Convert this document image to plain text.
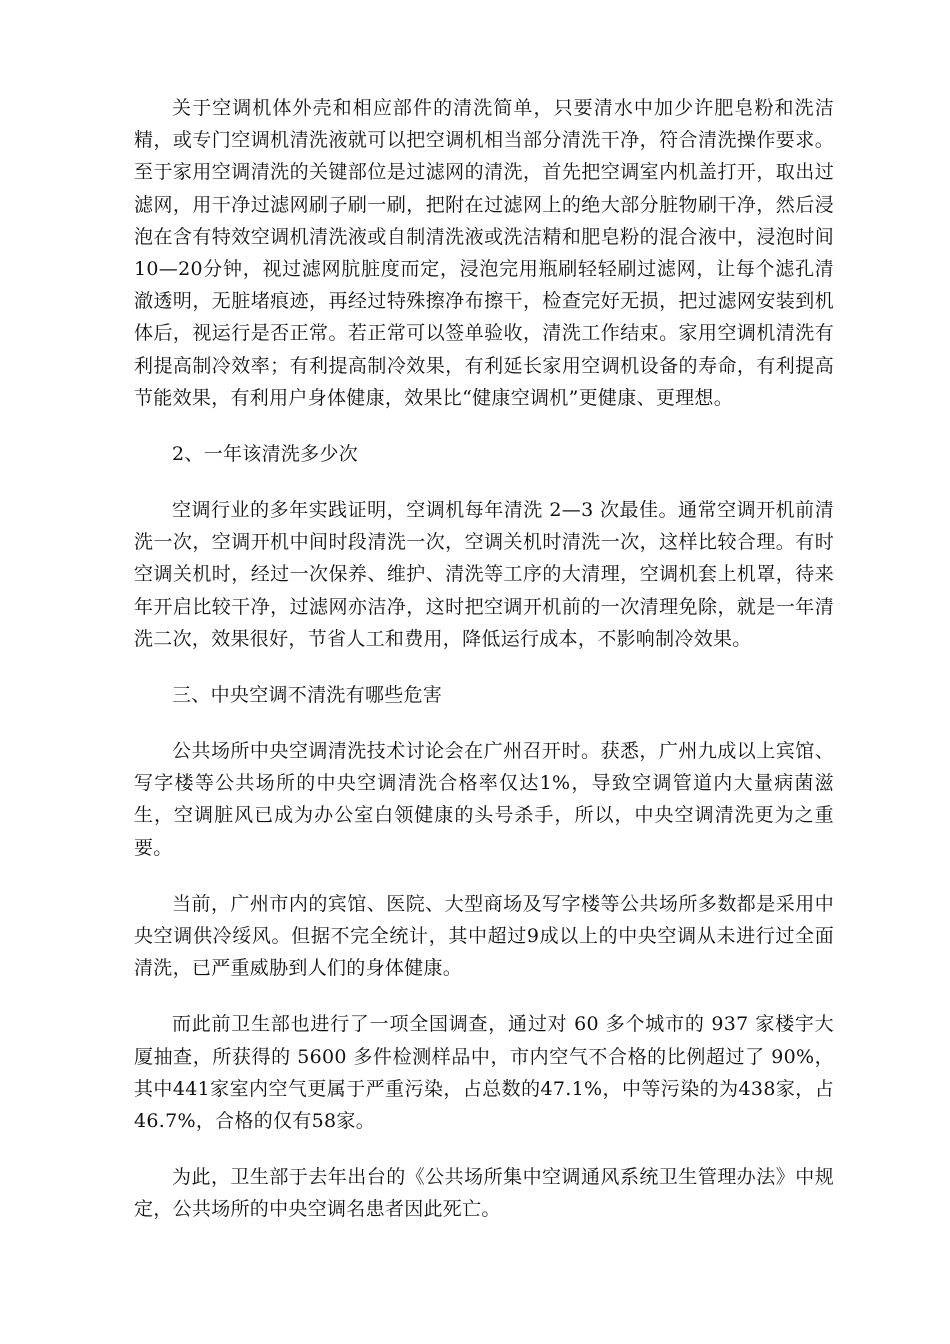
关于空调机体外壳和相应部件的清洗简单，只要清水中加少许肥皂粉和洗洁精，或专门空调机清洗液就可以把空调机相当部分清洗干净，符合清洗操作要求。至于家用空调清洗的关键部位是过滤网的清洗，首先把空调室内机盖打开，取出过滤网，用干净过滤网刷子刷一刷，把附在过滤网上的绝大部分脏物刷干净，然后浸泡在含有特效空调机清洗液或自制清洗液或洗洁精和肥皂粉的混合液中，浸泡时间10—20分钟，视过滤网肮脏度而定，浸泡完用瓶刷轻轻刷过滤网，让每个滤孔清澈透明，无脏堵痕迹，再经过特殊擦净布擦干，检查完好无损，把过滤网安装到机体后，视运行是否正常。若正常可以签单验收，清洗工作结束。家用空调机清洗有利提高制冷效率；有利提高制冷效果，有利延长家用空调机设备的寿命，有利提高节能效果，有利用户身体健康，效果比“健康空调机”更健康、更理想。

2、一年该清洗多少次

空调行业的多年实践证明，空调机每年清洗 2—3 次最佳。通常空调开机前清洗一次，空调开机中间时段清洗一次，空调关机时清洗一次，这样比较合理。有时空调关机时，经过一次保养、维护、清洗等工序的大清理，空调机套上机罩，待来年开启比较干净，过滤网亦洁净，这时把空调开机前的一次清理免除，就是一年清洗二次，效果很好，节省人工和费用，降低运行成本，不影响制冷效果。

三、中央空调不清洗有哪些危害

公共场所中央空调清洗技术讨论会在广州召开时。获悉，广州九成以上宾馆、写字楼等公共场所的中央空调清洗合格率仅达1%，导致空调管道内大量病菌滋生，空调脏风已成为办公室白领健康的头号杀手，所以，中央空调清洗更为之重要。

当前，广州市内的宾馆、医院、大型商场及写字楼等公共场所多数都是采用中央空调供冷绥风。但据不完全统计，其中超过9成以上的中央空调从未进行过全面清洗，已严重威胁到人们的身体健康。

而此前卫生部也进行了一项全国调查，通过对 60 多个城市的 937 家楼宇大厦抽查，所获得的 5600 多件检测样品中，市内空气不合格的比例超过了 90%，其中441家室内空气更属于严重污染，占总数的47.1%，中等污染的为438家，占46.7%，合格的仅有58家。

为此，卫生部于去年出台的《公共场所集中空调通风系统卫生管理办法》中规定，公共场所的中央空调名患者因此死亡。
